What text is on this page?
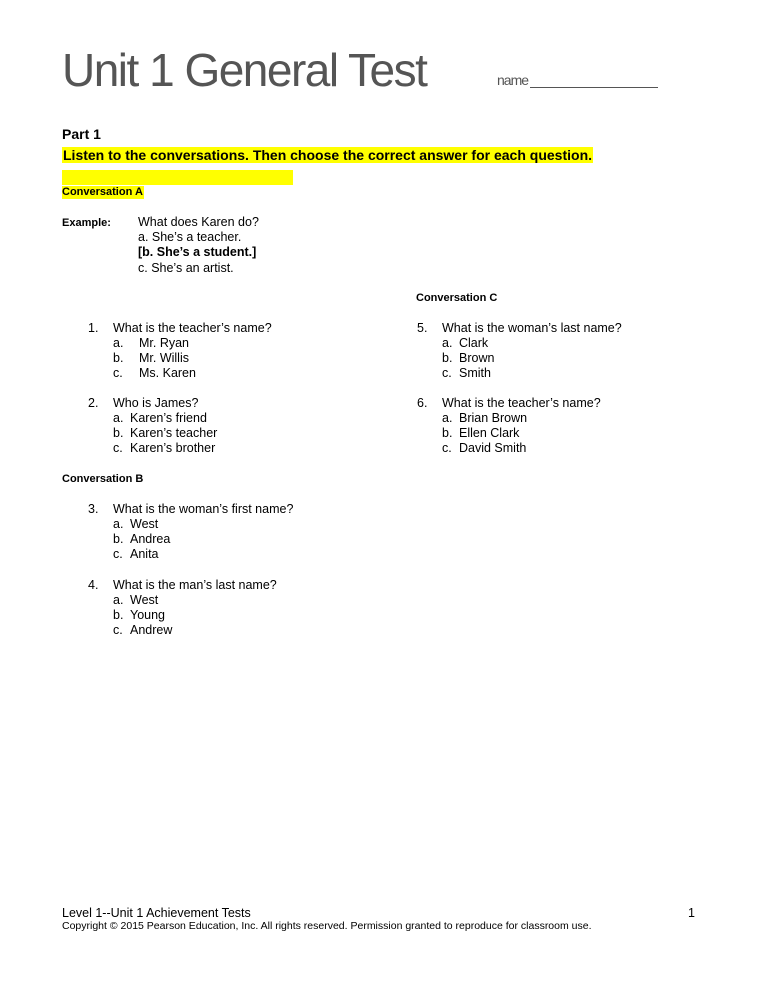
Unit 1 General Test	name
Part 1
Listen to the conversations. Then choose the correct answer for each question.
Conversation A
Example: What does Karen do?
a. She’s a teacher.
[b. She’s a student.]
c. She’s an artist.
1. What is the teacher’s name?
a.	Mr. Ryan
b.	Mr. Willis
c.	Ms. Karen
2. Who is James?
a. Karen’s friend
b. Karen’s teacher
c. Karen’s brother
Conversation B
3. What is the woman’s first name?
a. West
b. Andrea
c. Anita
4. What is the man’s last name?
a. West
b. Young
c. Andrew
Conversation C
5. What is the woman’s last name?
a. Clark
b. Brown
c. Smith
6. What is the teacher’s name?
a. Brian Brown
b. Ellen Clark
c. David Smith
Level 1--Unit 1 Achievement Tests	1
Copyright © 2015 Pearson Education, Inc. All rights reserved. Permission granted to reproduce for classroom use.
